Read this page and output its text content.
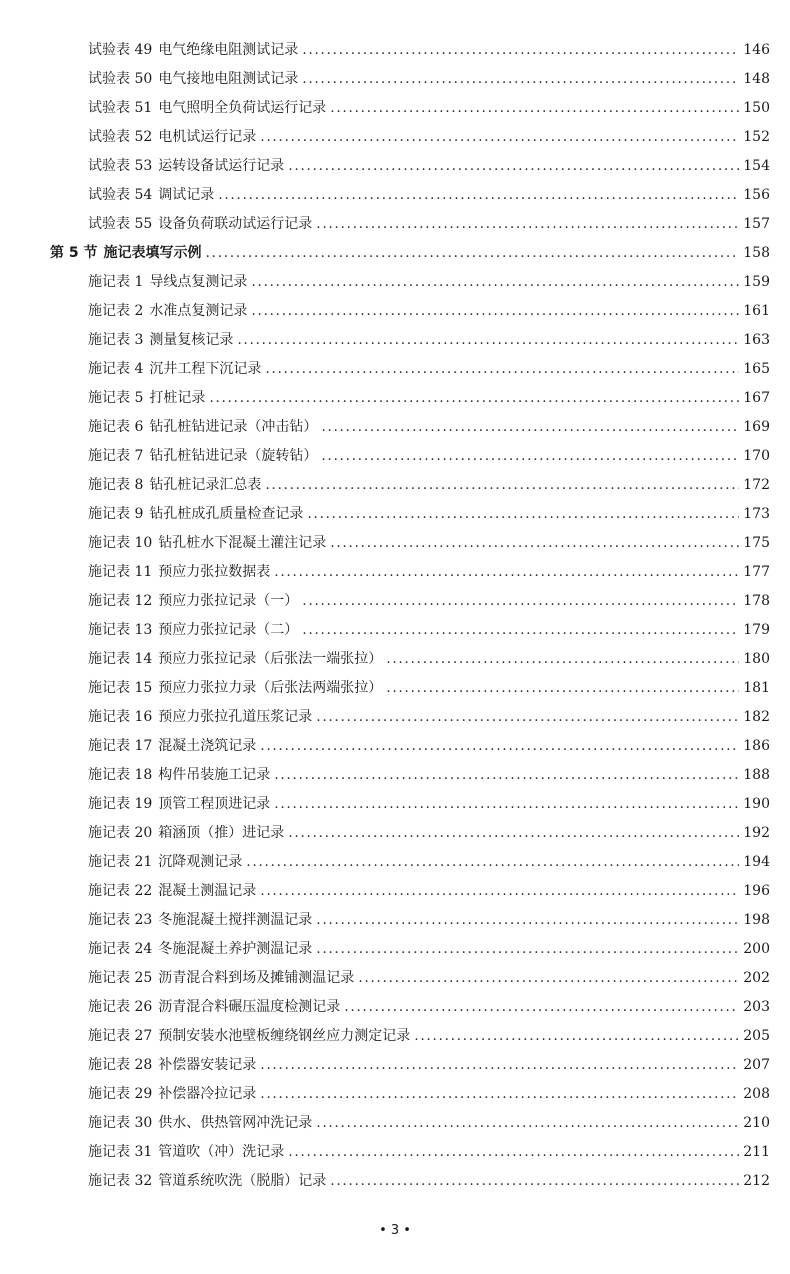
试验表 49 电气绝缘电阻测试记录 .....	146
试验表 50 电气接地电阻测试记录 .....	148
试验表 51 电气照明全负荷试运行记录 .....	150
试验表 52 电机试运行记录 .....	152
试验表 53 运转设备试运行记录 .....	154
试验表 54 调试记录 .....	156
试验表 55 设备负荷联动试运行记录 .....	157
第 5 节 施记表填写示例 .....	158
施记表 1 导线点复测记录 .....	159
施记表 2 水准点复测记录 .....	161
施记表 3 测量复核记录 .....	163
施记表 4 沉井工程下沉记录 .....	165
施记表 5 打桩记录 .....	167
施记表 6 钻孔桩钻进记录（冲击钻） .....	169
施记表 7 钻孔桩钻进记录（旋转钻） .....	170
施记表 8 钻孔桩记录汇总表 .....	172
施记表 9 钻孔桩成孔质量检查记录 .....	173
施记表 10 钻孔桩水下混凝土灌注记录 .....	175
施记表 11 预应力张拉数据表 .....	177
施记表 12 预应力张拉记录（一） .....	178
施记表 13 预应力张拉记录（二） .....	179
施记表 14 预应力张拉记录（后张法一端张拉） .....	180
施记表 15 预应力张拉力录（后张法两端张拉） .....	181
施记表 16 预应力张拉孔道压浆记录 .....	182
施记表 17 混凝土浇筑记录 .....	186
施记表 18 构件吊装施工记录 .....	188
施记表 19 顶管工程顶进记录 .....	190
施记表 20 箱涵顶（推）进记录 .....	192
施记表 21 沉降观测记录 .....	194
施记表 22 混凝土测温记录 .....	196
施记表 23 冬施混凝土搅拌测温记录 .....	198
施记表 24 冬施混凝土养护测温记录 .....	200
施记表 25 沥青混合料到场及摊铺测温记录 .....	202
施记表 26 沥青混合料碾压温度检测记录 .....	203
施记表 27 预制安装水池壁板缠绕钢丝应力测定记录 .....	205
施记表 28 补偿器安装记录 .....	207
施记表 29 补偿器冷拉记录 .....	208
施记表 30 供水、供热管网冲洗记录 .....	210
施记表 31 管道吹（冲）洗记录 .....	211
施记表 32 管道系统吹洗（脱脂）记录 .....	212
• 3 •
